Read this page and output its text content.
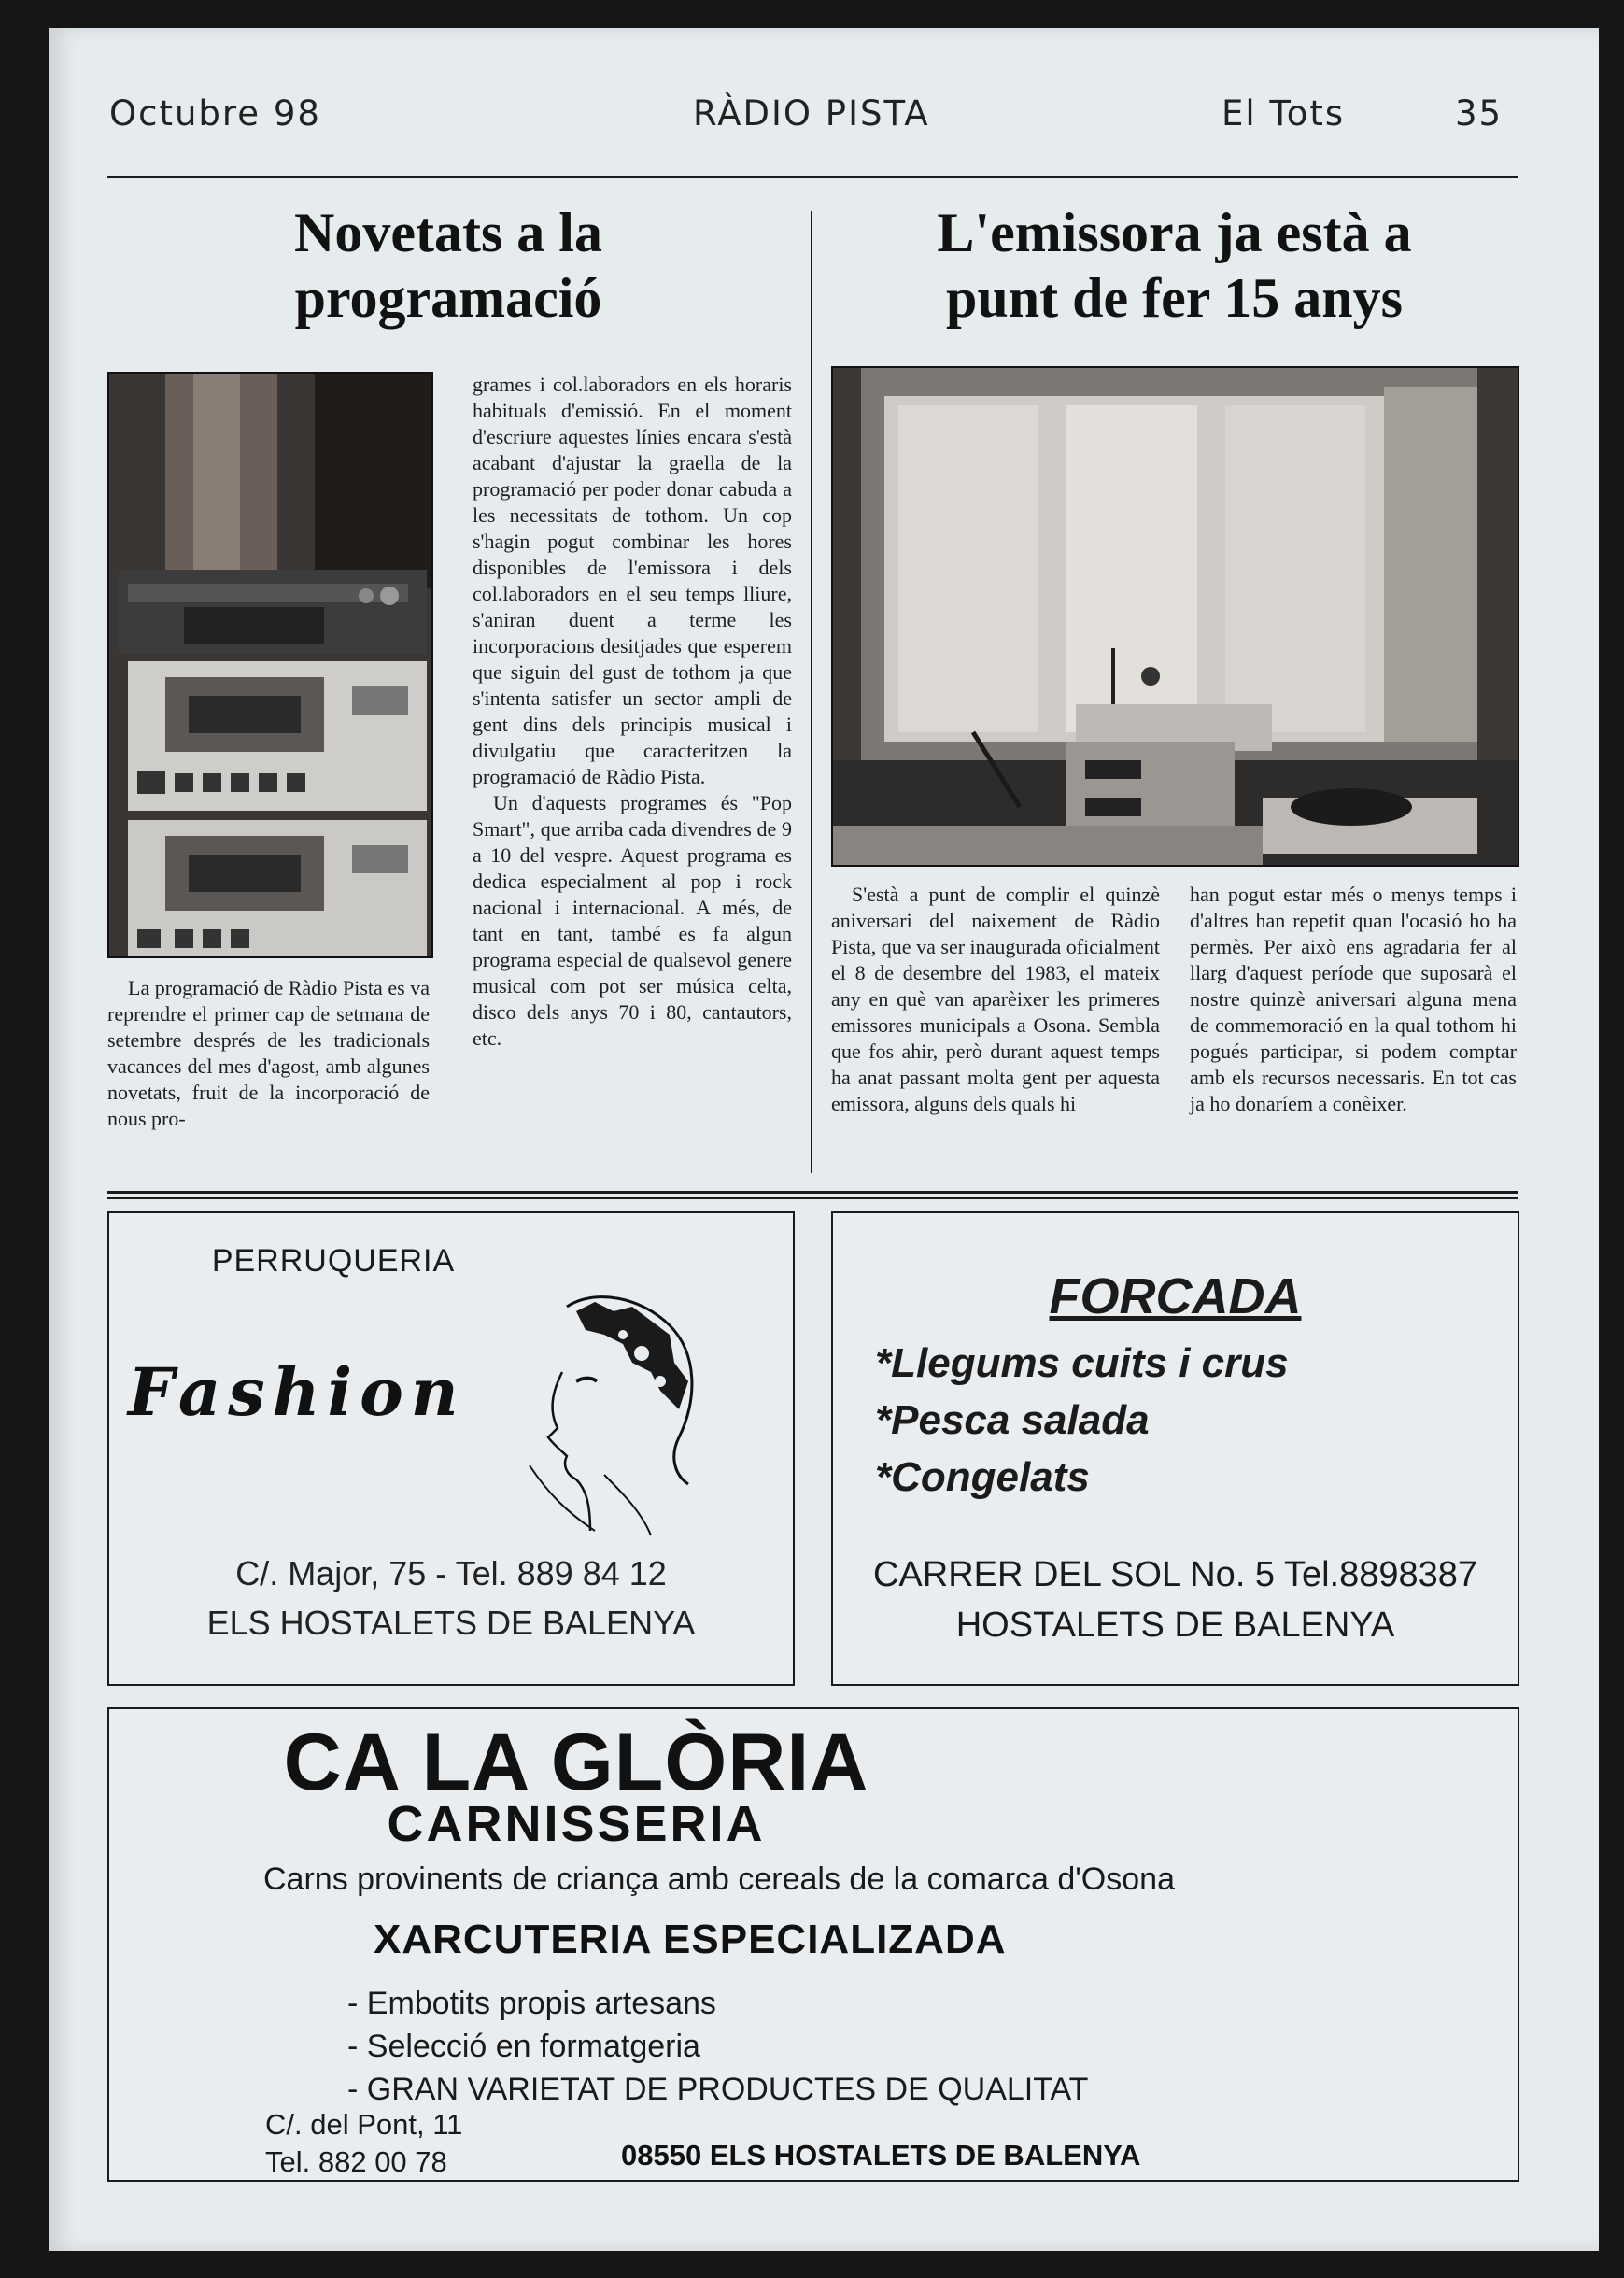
Octubre 98	RÀDIO PISTA	El Tots	35
Novetats a la
programació

La programació de Ràdio Pista es va reprendre el primer cap de setmana de setembre després de les tradicionals vacances del mes d'agost, amb algunes novetats, fruit de la incorporació de nous pro-

grames i col.laboradors en els horaris habituals d'emissió. En el moment d'escriure aquestes línies encara s'està acabant d'ajustar la graella de la programació per poder donar cabuda a les necessitats de tothom. Un cop s'hagin pogut combinar les hores disponibles de l'emissora i dels col.laboradors en el seu temps lliure, s'aniran duent a terme les incorporacions desitjades que esperem que siguin del gust de tothom ja que s'intenta satisfer un sector ampli de gent dins dels principis musical i divulgatiu que caracteritzen la programació de Ràdio Pista.

Un d'aquests programes és "Pop Smart", que arriba cada divendres de 9 a 10 del vespre. Aquest programa es dedica especialment al pop i rock nacional i internacional. A més, de tant en tant, també es fa algun programa especial de qualsevol genere musical com pot ser música celta, disco dels anys 70 i 80, cantautors, etc.

L'emissora ja està a
punt de fer 15 anys

S'està a punt de complir el quinzè aniversari del naixement de Ràdio Pista, que va ser inaugurada oficialment el 8 de desembre del 1983, el mateix any en què van aparèixer les primeres emissores municipals a Osona. Sembla que fos ahir, però durant aquest temps ha anat passant molta gent per aquesta emissora, alguns dels quals hi

han pogut estar més o menys temps i d'altres han repetit quan l'ocasió ho ha permès. Per això ens agradaria fer al llarg d'aquest període que suposarà el nostre quinzè aniversari alguna mena de commemoració en la qual tothom hi pogués participar, si podem comptar amb els recursos necessaris. En tot cas ja ho donaríem a conèixer.

PERRUQUERIA
Fashion
C/. Major, 75 - Tel. 889 84 12
ELS HOSTALETS DE BALENYA
FORCADA
*Llegums cuits i crus
*Pesca salada
*Congelats
CARRER DEL SOL No. 5 Tel.8898387
HOSTALETS DE BALENYA
CA LA GLÒRIA
CARNISSERIA
Carns provinents de criança amb cereals de la comarca d'Osona
XARCUTERIA ESPECIALIZADA
- Embotits propis artesans
- Selecció en formatgeria
- GRAN VARIETAT DE PRODUCTES DE QUALITAT
C/. del Pont, 11
Tel. 882 00 78	08550 ELS HOSTALETS DE BALENYA
